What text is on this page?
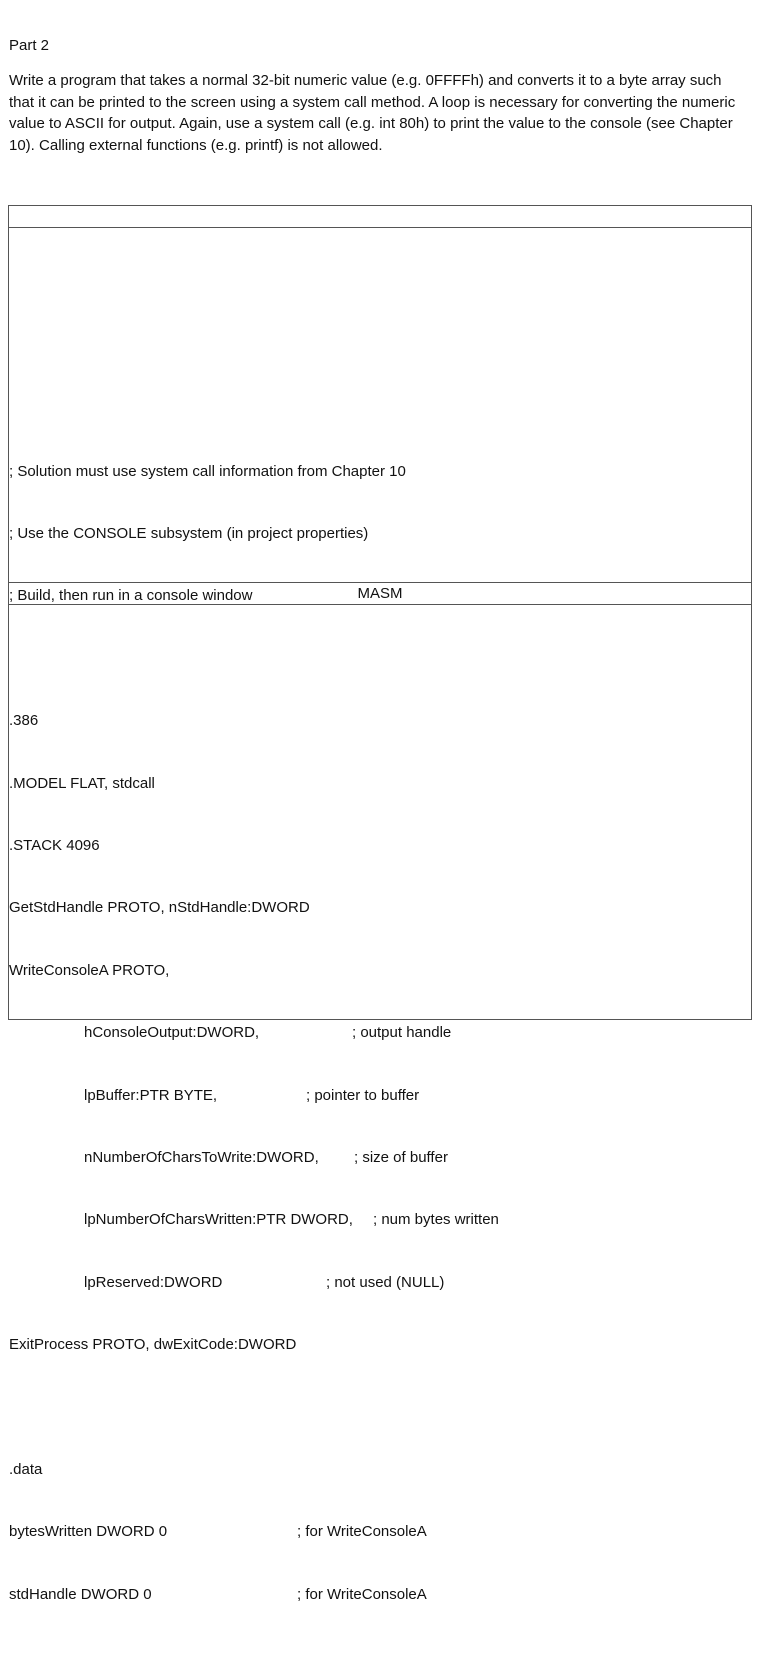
Part 2

Write a program that takes a normal 32-bit numeric value (e.g. 0FFFFh) and converts it to a byte array such that it can be printed to the screen using a system call method. A loop is necessary for converting the numeric value to ASCII for output. Again, use a system call (e.g. int 80h) to print the value to the console (see Chapter 10). Calling external functions (e.g. printf) is not allowed.

MASM

; Solution must use system call information from Chapter 10

; Use the CONSOLE subsystem (in project properties)

; Build, then run in a console window

.386

.MODEL FLAT, stdcall

.STACK 4096

GetStdHandle PROTO, nStdHandle:DWORD

WriteConsoleA PROTO,

hConsoleOutput:DWORD,

	; output handle

lpBuffer:PTR BYTE,

	; pointer to buffer

nNumberOfCharsToWrite:DWORD,

; size of buffer

lpNumberOfCharsWritten:PTR DWORD,

; num bytes written

lpReserved:DWORD

	; not used (NULL)

ExitProcess PROTO, dwExitCode:DWORD

.data

bytesWritten DWORD 0

	; for WriteConsoleA

stdHandle DWORD 0

	; for WriteConsoleA
